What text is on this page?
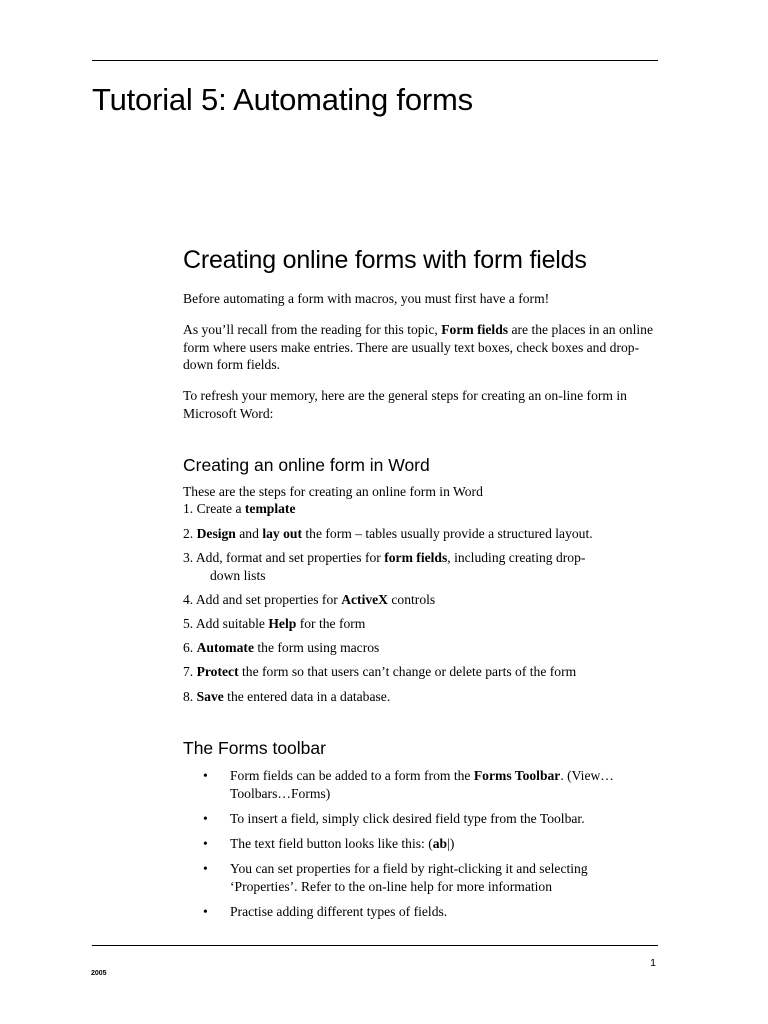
Tutorial 5: Automating forms
Creating online forms with form fields

Before automating a form with macros, you must first have a form!

As you’ll recall from the reading for this topic, Form fields are the places in an online form where users make entries. There are usually text boxes, check boxes and drop-down form fields.

To refresh your memory, here are the general steps for creating an on-line form in Microsoft Word:

Creating an online form in Word

These are the steps for creating an online form in Word

1. Create a template

2. Design and lay out the form – tables usually provide a structured layout.

3. Add, format and set properties for form fields, including creating drop-
down lists

4. Add and set properties for ActiveX controls

5. Add suitable Help for the form

6. Automate the form using macros

7. Protect the form so that users can’t change or delete parts of the form

8. Save the entered data in a database.

The Forms toolbar
• Form fields can be added to a form from the Forms Toolbar. (View…Toolbars…Forms)
• To insert a field, simply click desired field type from the Toolbar.
• The text field button looks like this: (ab|)
• You can set properties for a field by right-clicking it and selecting ‘Properties’. Refer to the on-line help for more information
• Practise adding different types of fields.

1

2005
